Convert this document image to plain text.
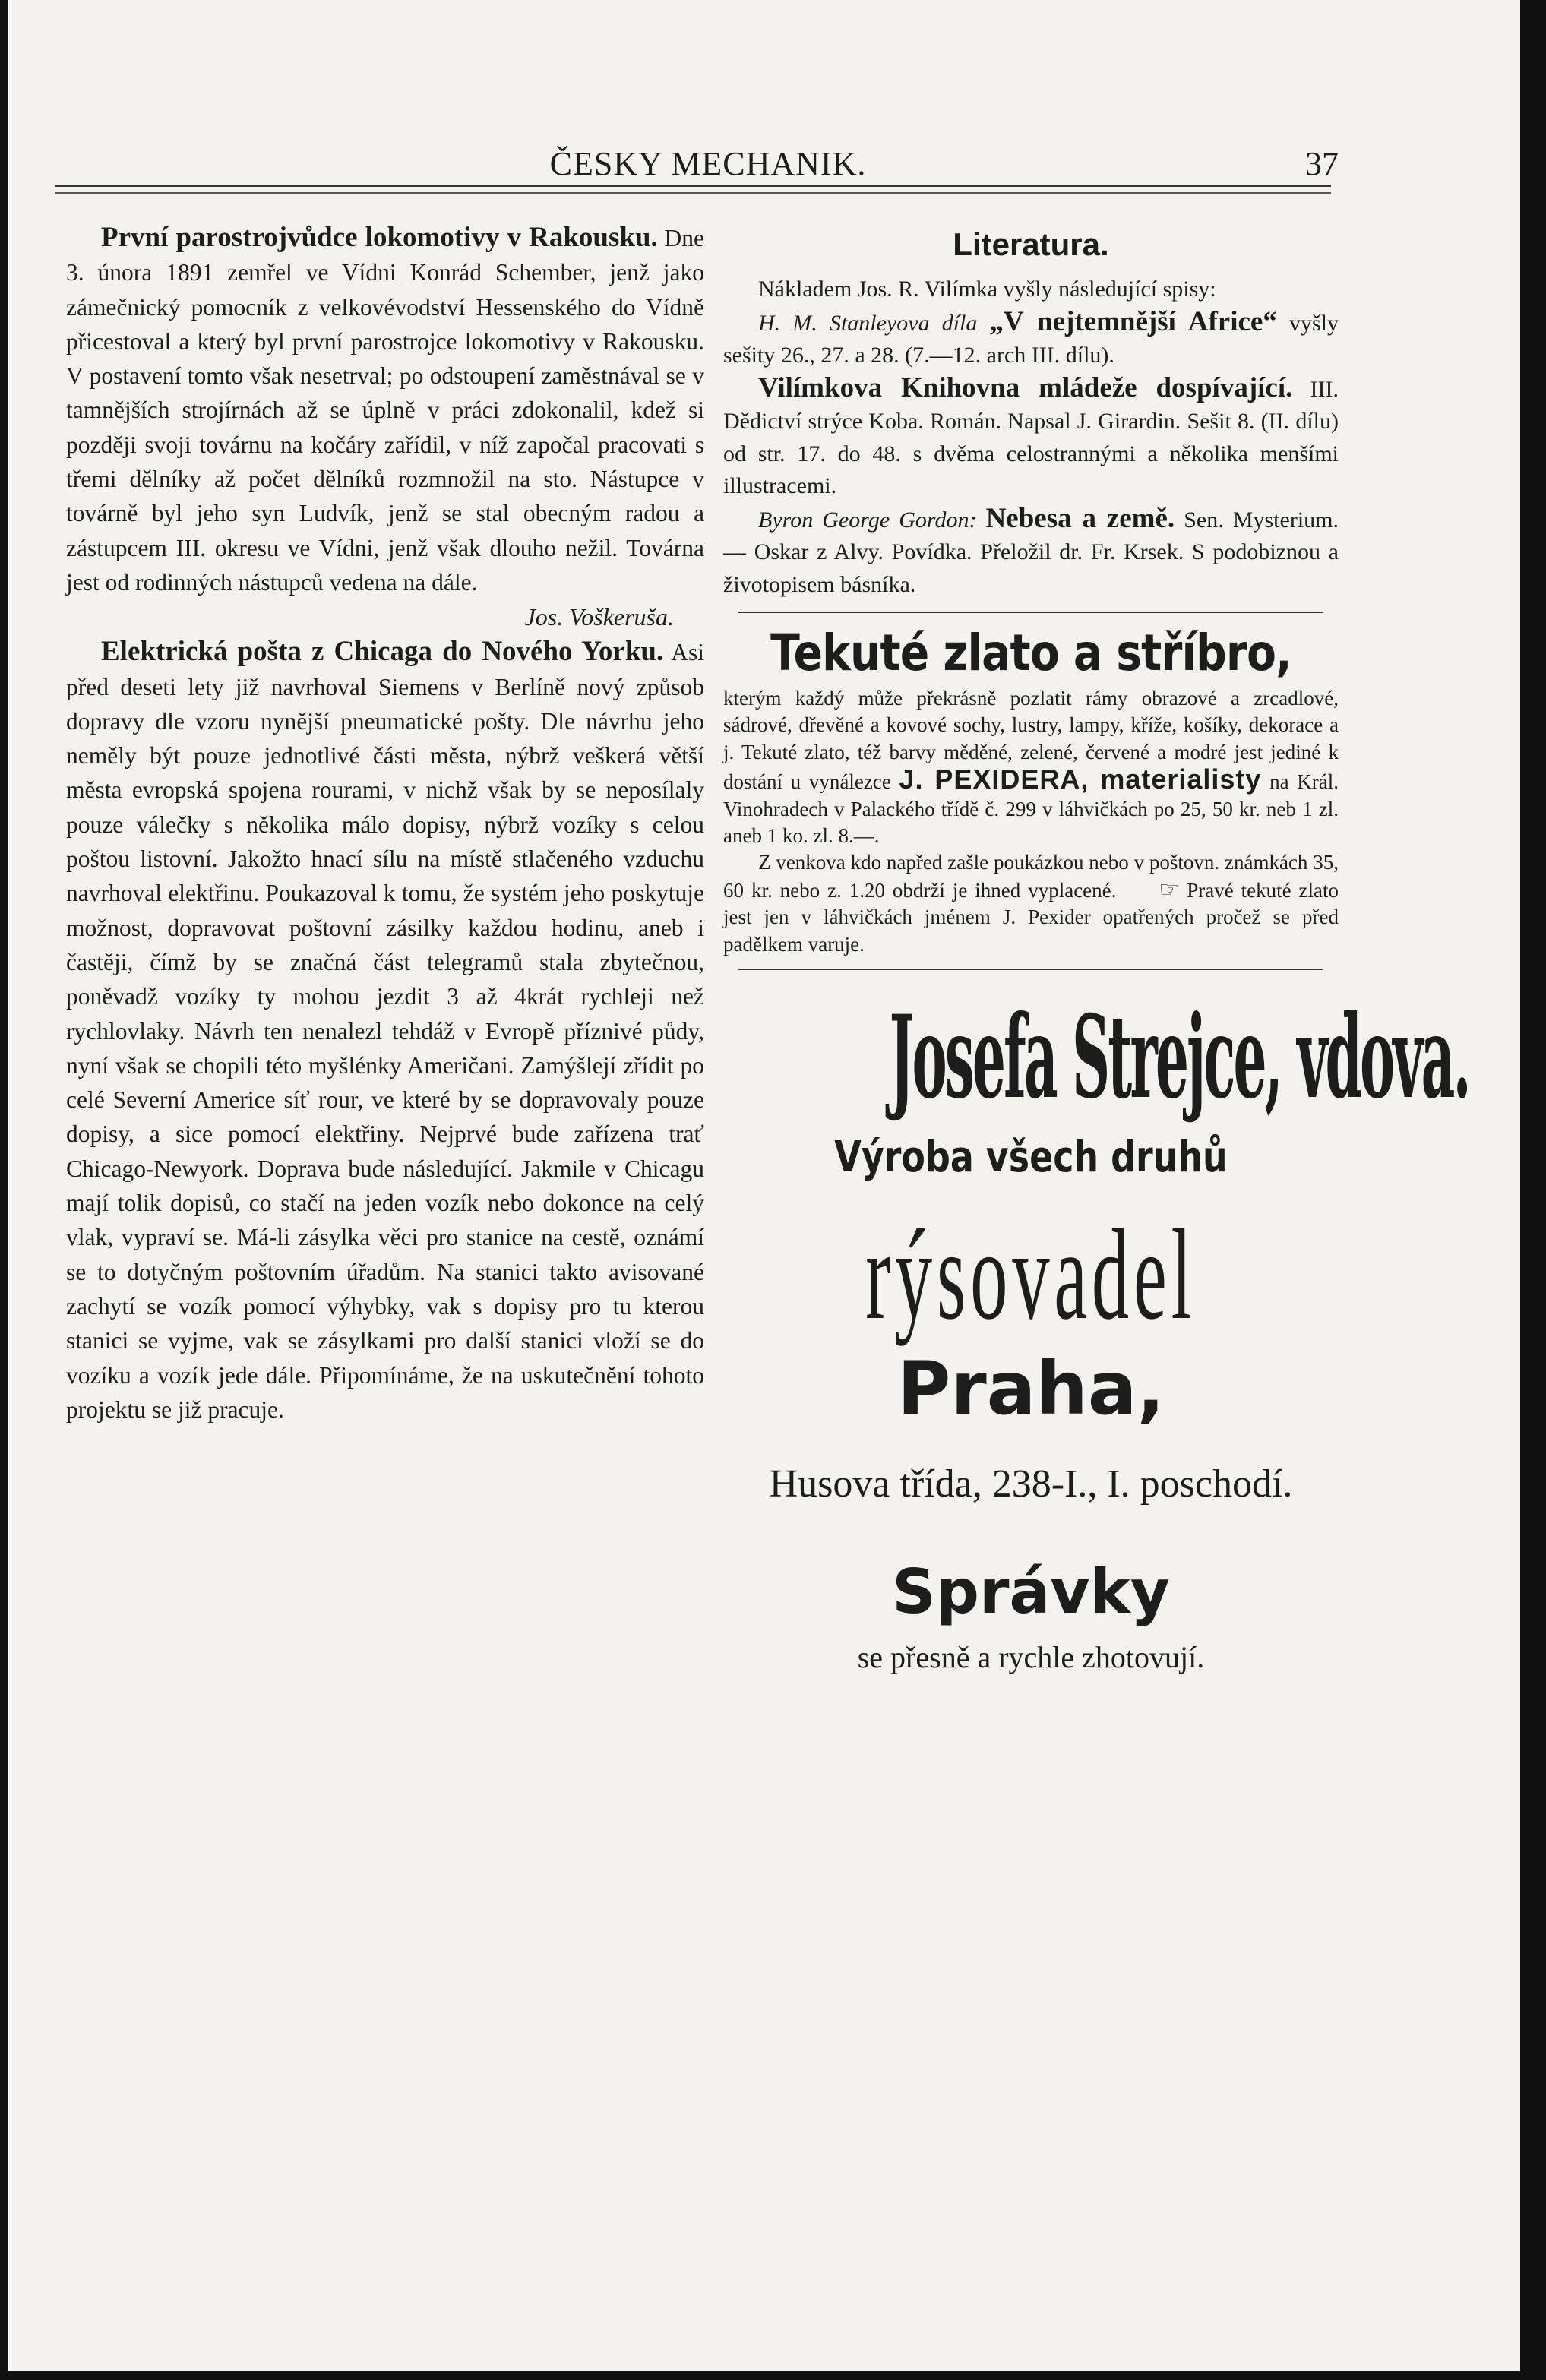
ČESKY MECHANIK.	37

První parostrojvůdce lokomotivy v Rakousku. Dne 3. února 1891 zemřel ve Vídni Konrád Schember, jenž jako zámečnický pomocník z velkovévodství Hessenského do Vídně přicestoval a který byl první parostrojce lokomotivy v Rakousku. V postavení tomto však nesetrval; po odstoupení zaměstnával se v tamnějších strojírnách až se úplně v práci zdokonalil, kdež si později svoji továrnu na kočáry zařídil, v níž započal pracovati s třemi dělníky až počet dělníků rozmnožil na sto. Nástupce v továrně byl jeho syn Ludvík, jenž se stal obecným radou a zástupcem III. okresu ve Vídni, jenž však dlouho nežil. Továrna jest od rodinných nástupců vedena na dále.

Jos. Voškeruša.

Elektrická pošta z Chicaga do Nového Yorku. Asi před deseti lety již navrhoval Siemens v Berlíně nový způsob dopravy dle vzoru nynější pneumatické pošty. Dle návrhu jeho neměly být pouze jednotlivé části města, nýbrž veškerá větší města evropská spojena rourami, v nichž však by se neposílaly pouze válečky s několika málo dopisy, nýbrž vozíky s celou poštou listovní. Jakožto hnací sílu na místě stlačeného vzduchu navrhoval elektřinu. Poukazoval k tomu, že systém jeho poskytuje možnost, dopravovat poštovní zásilky každou hodinu, aneb i častěji, čímž by se značná část telegramů stala zbytečnou, poněvadž vozíky ty mohou jezdit 3 až 4krát rychleji než rychlovlaky. Návrh ten nenalezl tehdáž v Evropě příznivé půdy, nyní však se chopili této myšlénky Američani. Zamýšlejí zřídit po celé Severní Americe síť rour, ve které by se dopravovaly pouze dopisy, a sice pomocí elektřiny. Nejprvé bude zařízena trať Chicago-Newyork. Doprava bude následující. Jakmile v Chicagu mají tolik dopisů, co stačí na jeden vozík nebo dokonce na celý vlak, vypraví se. Má-li zásylka věci pro stanice na cestě, oznámí se to dotyčným poštovním úřadům. Na stanici takto avisované zachytí se vozík pomocí výhybky, vak s dopisy pro tu kterou stanici se vyjme, vak se zásylkami pro další stanici vloží se do vozíku a vozík jede dále. Připomínáme, že na uskutečnění tohoto projektu se již pracuje.

Literatura.

Nákladem Jos. R. Vilímka vyšly následující spisy:

H. M. Stanleyova díla „V nejtemnější Africe“ vyšly sešity 26., 27. a 28. (7.—12. arch III. dílu).

Vilímkova Knihovna mládeže dospívající. III. Dědictví strýce Koba. Román. Napsal J. Girardin. Sešit 8. (II. dílu) od str. 17. do 48. s dvěma celostrannými a několika menšími illustracemi.

Byron George Gordon: Nebesa a země. Sen. Mysterium. — Oskar z Alvy. Povídka. Přeložil dr. Fr. Krsek. S podobiznou a životopisem básníka.

Tekuté zlato a stříbro,

kterým každý může překrásně pozlatit rámy obrazové a zrcadlové, sádrové, dřevěné a kovové sochy, lustry, lampy, kříže, košíky, dekorace a j. Tekuté zlato, též barvy měděné, zelené, červené a modré jest jediné k dostání u vynálezce J. PEXIDERA, materialisty na Král. Vinohradech v Palackého třídě č. 299 v láhvičkách po 25, 50 kr. neb 1 zl. aneb 1 ko. zl. 8.—.

Z venkova kdo napřed zašle poukázkou nebo v poštovn. známkách 35, 60 kr. nebo z. 1.20 obdrží je ihned vyplacené. ☞ Pravé tekuté zlato jest jen v láhvičkách jménem J. Pexider opatřených pročež se před padělkem varuje.

Josefa Strejce, vdova.
Výroba všech druhů
rýsovadel
Praha,
Husova třída, 238-I., I. poschodí.
Správky
se přesně a rychle zhotovují.
